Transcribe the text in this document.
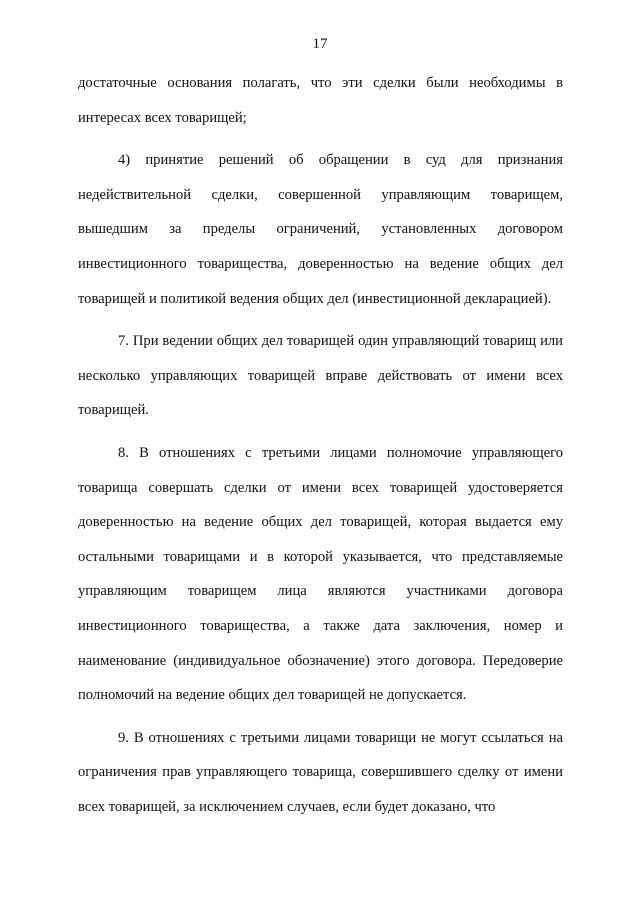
17

достаточные основания полагать, что эти сделки были необходимы в интересах всех товарищей;

4) принятие решений об обращении в суд для признания недействительной сделки, совершенной управляющим товарищем, вышедшим за пределы ограничений, установленных договором инвестиционного товарищества, доверенностью на ведение общих дел товарищей и политикой ведения общих дел (инвестиционной декларацией).

7. При ведении общих дел товарищей один управляющий товарищ или несколько управляющих товарищей вправе действовать от имени всех товарищей.

8. В отношениях с третьими лицами полномочие управляющего товарища совершать сделки от имени всех товарищей удостоверяется доверенностью на ведение общих дел товарищей, которая выдается ему остальными товарищами и в которой указывается, что представляемые управляющим товарищем лица являются участниками договора инвестиционного товарищества, а также дата заключения, номер и наименование (индивидуальное обозначение) этого договора. Передоверие полномочий на ведение общих дел товарищей не допускается.

9. В отношениях с третьими лицами товарищи не могут ссылаться на ограничения прав управляющего товарища, совершившего сделку от имени всех товарищей, за исключением случаев, если будет доказано, что
